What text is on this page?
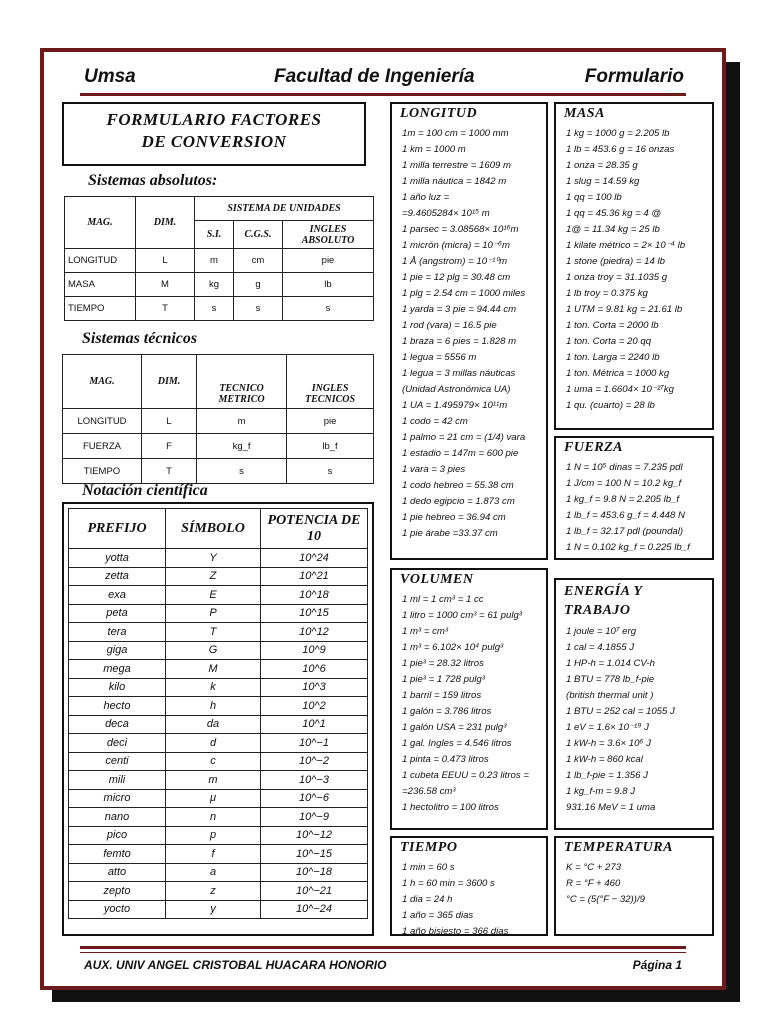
Umsa	Facultad de Ingeniería	Formulario
FORMULARIO FACTORES
DE CONVERSION
Sistemas absolutos:
MAG.	DIM.	SISTEMA DE UNIDADES		
		S.I.	C.G.S.	INGLES ABSOLUTO
LONGITUD	L	m	cm	pie
MASA	M	kg	g	lb
TIEMPO	T	s	s	s
Sistemas técnicos
MAG.	DIM.		
		TECNICO METRICO	INGLES TECNICOS
LONGITUD	L	m	pie
FUERZA	F	kg_f	lb_f
TIEMPO	T	s	s
Notación científica
PREFIJO	SÍMBOLO	POTENCIA DE 10
yotta	Y	10^24
zetta	Z	10^21
exa	E	10^18
peta	P	10^15
tera	T	10^12
giga	G	10^9
mega	M	10^6
kilo	k	10^3
hecto	h	10^2
deca	da	10^1
deci	d	10^−1
centi	c	10^−2
mili	m	10^−3
micro	μ	10^−6
nano	n	10^−9
pico	p	10^−12
femto	f	10^−15
atto	a	10^−18
zepto	z	10^−21
yocto	y	10^−24
LONGITUD
1m = 100 cm = 1000 mm
1 km = 1000 m
1 milla terrestre = 1609 m
1 milla náutica = 1842 m
1 año luz =
=9.4605284× 10¹⁵ m
1 parsec = 3.08568× 10¹⁶m
1 micrón (micra) = 10⁻⁶m
1 Å (angstrom) = 10⁻¹⁰m
1 pie = 12 plg = 30.48 cm
1 plg = 2.54 cm = 1000 miles
1 yarda = 3 pie = 94.44 cm
1 rod (vara) = 16.5 pie
1 braza = 6 pies = 1.828 m
1 legua = 5556 m
1 legua = 3 millas náuticas
(Unidad Astronómica UA)
1 UA = 1.495979× 10¹¹m
1 codo = 42 cm
1 palmo = 21 cm = (1/4) vara
1 estadio = 147m = 600 pie
1 vara = 3 pies
1 codo hebreo = 55.38 cm
1 dedo egipcio = 1.873 cm
1 pie hebreo = 36.94 cm
1 pie árabe =33.37 cm
MASA
1 kg = 1000 g = 2.205 lb
1 lb = 453.6 g = 16 onzas
1 onza = 28.35 g
1 slug = 14.59 kg
1 qq = 100 lb
1 qq = 45.36 kg = 4 @
1@ = 11.34 kg = 25 lb
1 kilate métrico = 2× 10⁻⁴ lb
1 stone (piedra) = 14 lb
1 onza troy = 31.1035 g
1 lb troy = 0.375 kg
1 UTM = 9.81 kg = 21.61 lb
1 ton. Corta = 2000 lb
1 ton. Corta = 20 qq
1 ton. Larga = 2240 lb
1 ton. Métrica = 1000 kg
1 uma = 1.6604× 10⁻²⁷kg
1 qu. (cuarto) = 28 lb
FUERZA
1 N = 10⁵ dinas = 7.235 pdl
1 J/cm = 100 N = 10.2 kg_f
1 kg_f = 9.8 N = 2.205 lb_f
1 lb_f = 453.6 g_f = 4.448 N
1 lb_f = 32.17 pdl (poundal)
1 N = 0.102 kg_f = 0.225 lb_f
VOLUMEN
1 ml = 1 cm³ = 1 cc
1 litro = 1000 cm³ = 61 pulg³
1 m³ = cm³
1 m³ = 6.102× 10⁴ pulg³
1 pie³ = 28.32 litros
1 pie³ = 1 728 pulg³
1 barril = 159 litros
1 galón = 3.786 litros
1 galón USA = 231 pulg³
1 gal. Ingles = 4.546 litros
1 pinta = 0.473 litros
1 cubeta EEUU = 0.23 litros =
=236.58 cm³
1 hectolitro = 100 litros
ENERGÍA Y TRABAJO
1 joule = 10⁷ erg
1 cal = 4.1855 J
1 HP-h = 1.014 CV-h
1 BTU = 778 lb_f-pie
(british thermal unit )
1 BTU = 252 cal = 1055 J
1 eV = 1.6× 10⁻¹⁹ J
1 kW-h = 3.6× 10⁶ J
1 kW-h = 860 kcal
1 lb_f-pie = 1.356 J
1 kg_f-m = 9.8 J
931.16 MeV = 1 uma
TIEMPO
1 min = 60 s
1 h = 60 min = 3600 s
1 dia = 24 h
1 año = 365 dias
1 año bisiesto = 366 dias
TEMPERATURA
K = °C + 273
R = °F + 460
°C = (5(°F − 32))/9
AUX. UNIV ANGEL CRISTOBAL HUACARA HONORIO	Página 1
